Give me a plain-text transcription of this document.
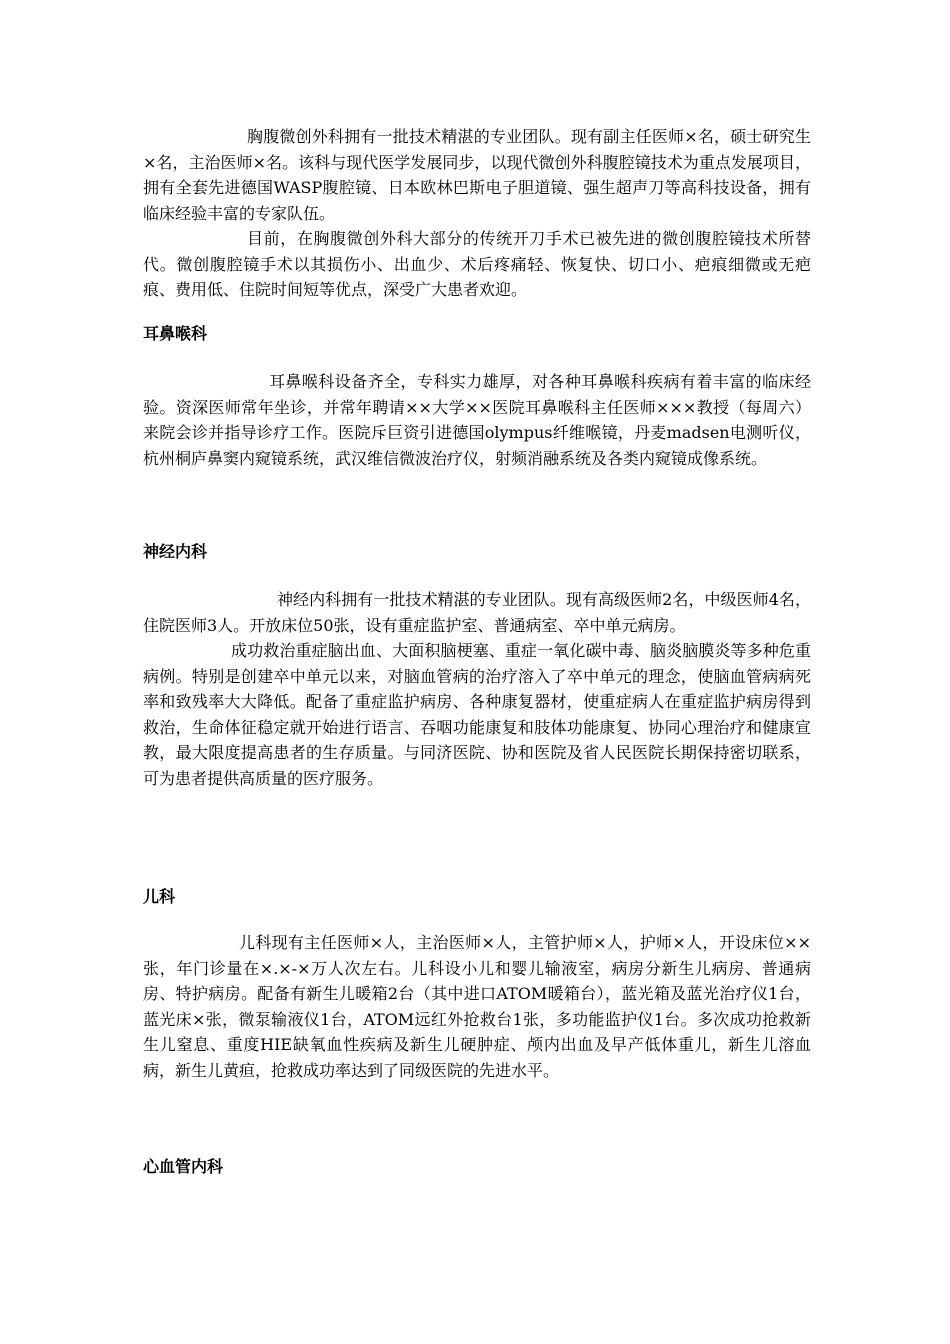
胸腹微创外科拥有一批技术精湛的专业团队。现有副主任医师×名，硕士研究生×名，主治医师×名。该科与现代医学发展同步，以现代微创外科腹腔镜技术为重点发展项目，拥有全套先进德国WASP腹腔镜、日本欧林巴斯电子胆道镜、强生超声刀等高科技设备，拥有临床经验丰富的专家队伍。

目前，在胸腹微创外科大部分的传统开刀手术已被先进的微创腹腔镜技术所替代。微创腹腔镜手术以其损伤小、出血少、术后疼痛轻、恢复快、切口小、疤痕细微或无疤痕、费用低、住院时间短等优点，深受广大患者欢迎。

耳鼻喉科

耳鼻喉科设备齐全，专科实力雄厚，对各种耳鼻喉科疾病有着丰富的临床经验。资深医师常年坐诊，并常年聘请××大学××医院耳鼻喉科主任医师×××教授（每周六）来院会诊并指导诊疗工作。医院斥巨资引进德国olympus纤维喉镜，丹麦madsen电测听仪，杭州桐庐鼻窦内窥镜系统，武汉维信微波治疗仪，射频消融系统及各类内窥镜成像系统。

神经内科

神经内科拥有一批技术精湛的专业团队。现有高级医师2名，中级医师4名，住院医师3人。开放床位50张，设有重症监护室、普通病室、卒中单元病房。

成功救治重症脑出血、大面积脑梗塞、重症一氧化碳中毒、脑炎脑膜炎等多种危重病例。特别是创建卒中单元以来，对脑血管病的治疗溶入了卒中单元的理念，使脑血管病病死率和致残率大大降低。配备了重症监护病房、各种康复器材，使重症病人在重症监护病房得到救治，生命体征稳定就开始进行语言、吞咽功能康复和肢体功能康复、协同心理治疗和健康宣教，最大限度提高患者的生存质量。与同济医院、协和医院及省人民医院长期保持密切联系，可为患者提供高质量的医疗服务。

儿科

儿科现有主任医师×人，主治医师×人，主管护师×人，护师×人，开设床位××张，年门诊量在×.×-×万人次左右。儿科设小儿和婴儿输液室，病房分新生儿病房、普通病房、特护病房。配备有新生儿暖箱2台（其中进口ATOM暖箱台），蓝光箱及蓝光治疗仪1台，蓝光床×张，微泵输液仪1台，ATOM远红外抢救台1张，多功能监护仪1台。多次成功抢救新生儿窒息、重度HIE缺氧血性疾病及新生儿硬肿症、颅内出血及早产低体重儿，新生儿溶血病，新生儿黄疸，抢救成功率达到了同级医院的先进水平。

心血管内科
